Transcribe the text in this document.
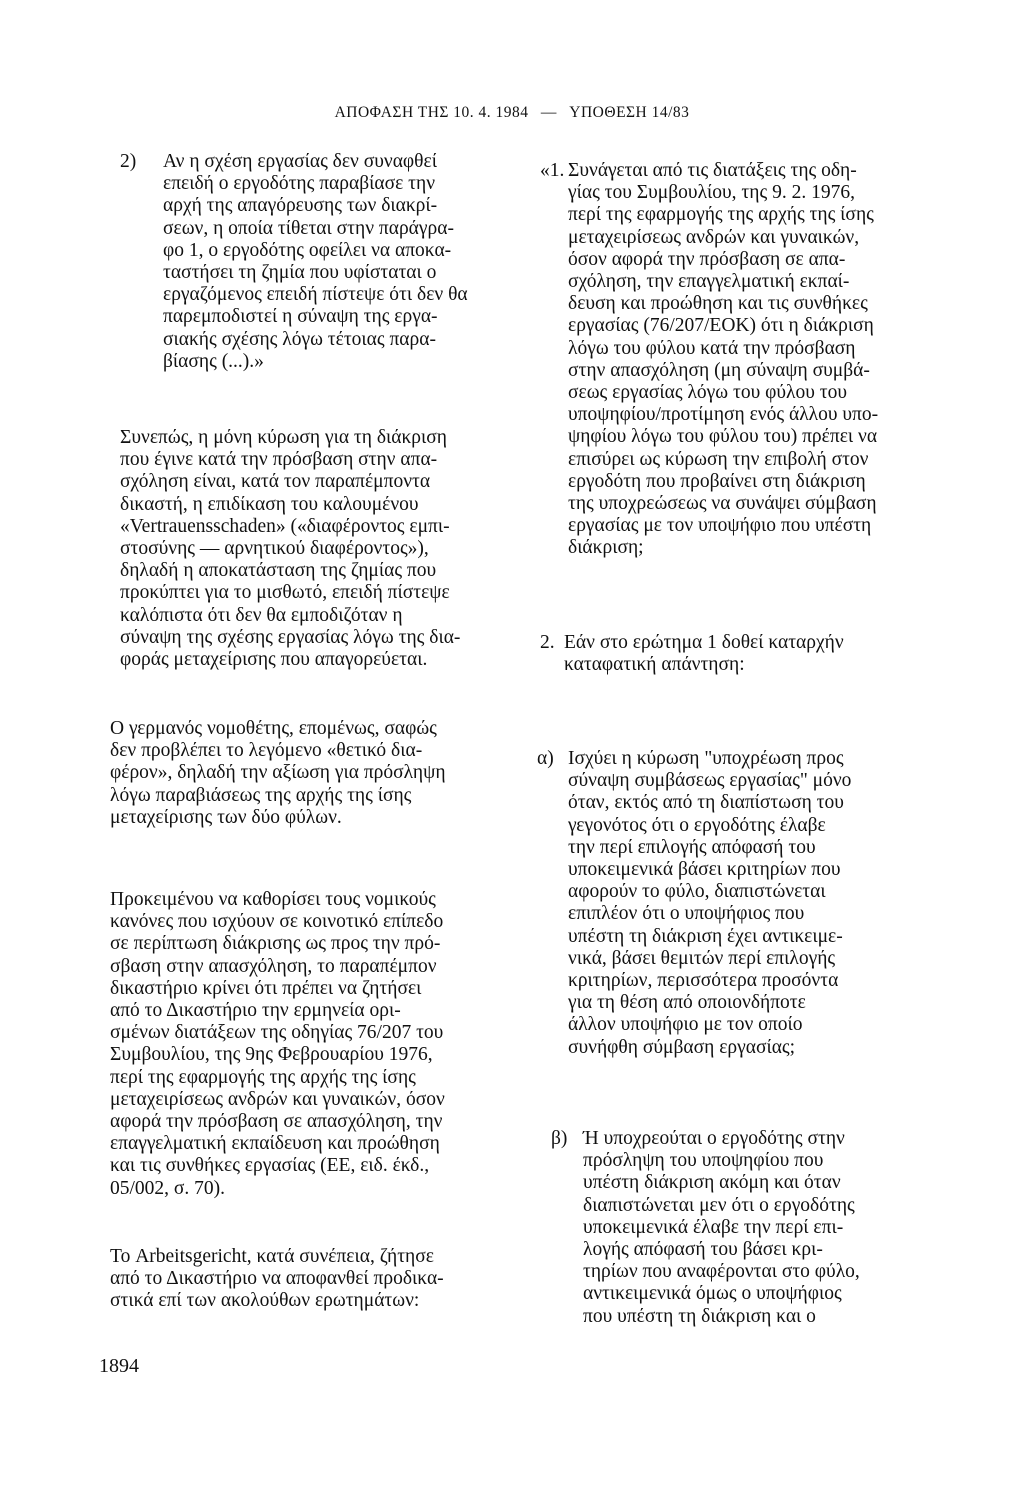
ΑΠΟΦΑΣΗ ΤΗΣ 10. 4. 1984 — ΥΠΟΘΕΣΗ 14/83
2) Αν η σχέση εργασίας δεν συναφθεί
επειδή ο εργοδότης παραβίασε την
αρχή της απαγόρευσης των διακρί-
σεων, η οποία τίθεται στην παράγρα-
φο 1, ο εργοδότης οφείλει να αποκα-
ταστήσει τη ζημία που υφίσταται ο
εργαζόμενος επειδή πίστεψε ότι δεν θα
παρεμποδιστεί η σύναψη της εργα-
σιακής σχέσης λόγω τέτοιας παρα-
βίασης (...).»
Συνεπώς, η μόνη κύρωση για τη διάκριση
που έγινε κατά την πρόσβαση στην απα-
σχόληση είναι, κατά τον παραπέμποντα
δικαστή, η επιδίκαση του καλουμένου
«Vertrauensschaden» («διαφέροντος εμπι-
στοσύνης — αρνητικού διαφέροντος»),
δηλαδή η αποκατάσταση της ζημίας που
προκύπτει για το μισθωτό, επειδή πίστεψε
καλόπιστα ότι δεν θα εμποδιζόταν η
σύναψη της σχέσης εργασίας λόγω της δια-
φοράς μεταχείρισης που απαγορεύεται.
Ο γερμανός νομοθέτης, επομένως, σαφώς
δεν προβλέπει το λεγόμενο «θετικό δια-
φέρον», δηλαδή την αξίωση για πρόσληψη
λόγω παραβιάσεως της αρχής της ίσης
μεταχείρισης των δύο φύλων.
Προκειμένου να καθορίσει τους νομικούς
κανόνες που ισχύουν σε κοινοτικό επίπεδο
σε περίπτωση διάκρισης ως προς την πρό-
σβαση στην απασχόληση, το παραπέμπον
δικαστήριο κρίνει ότι πρέπει να ζητήσει
από το Δικαστήριο την ερμηνεία ορι-
σμένων διατάξεων της οδηγίας 76/207 του
Συμβουλίου, της 9ης Φεβρουαρίου 1976,
περί της εφαρμογής της αρχής της ίσης
μεταχειρίσεως ανδρών και γυναικών, όσον
αφορά την πρόσβαση σε απασχόληση, την
επαγγελματική εκπαίδευση και προώθηση
και τις συνθήκες εργασίας (ΕΕ, ειδ. έκδ.,
05/002, σ. 70).
Το Arbeitsgericht, κατά συνέπεια, ζήτησε
από το Δικαστήριο να αποφανθεί προδικα-
στικά επί των ακολούθων ερωτημάτων:
«1. Συνάγεται από τις διατάξεις της οδη-
γίας του Συμβουλίου, της 9. 2. 1976,
περί της εφαρμογής της αρχής της ίσης
μεταχειρίσεως ανδρών και γυναικών,
όσον αφορά την πρόσβαση σε απα-
σχόληση, την επαγγελματική εκπαί-
δευση και προώθηση και τις συνθήκες
εργασίας (76/207/ΕΟΚ) ότι η διάκριση
λόγω του φύλου κατά την πρόσβαση
στην απασχόληση (μη σύναψη συμβά-
σεως εργασίας λόγω του φύλου του
υποψηφίου/προτίμηση ενός άλλου υπο-
ψηφίου λόγω του φύλου του) πρέπει να
επισύρει ως κύρωση την επιβολή στον
εργοδότη που προβαίνει στη διάκριση
της υποχρεώσεως να συνάψει σύμβαση
εργασίας με τον υποψήφιο που υπέστη
διάκριση;
2. Εάν στο ερώτημα 1 δοθεί καταρχήν
καταφατική απάντηση:
α) Ισχύει η κύρωση "υποχρέωση προς
σύναψη συμβάσεως εργασίας" μόνο
όταν, εκτός από τη διαπίστωση του
γεγονότος ότι ο εργοδότης έλαβε
την περί επιλογής απόφασή του
υποκειμενικά βάσει κριτηρίων που
αφορούν το φύλο, διαπιστώνεται
επιπλέον ότι ο υποψήφιος που
υπέστη τη διάκριση έχει αντικειμε-
νικά, βάσει θεμιτών περί επιλογής
κριτηρίων, περισσότερα προσόντα
για τη θέση από οποιονδήποτε
άλλον υποψήφιο με τον οποίο
συνήφθη σύμβαση εργασίας;
β) Ή υποχρεούται ο εργοδότης στην
πρόσληψη του υποψηφίου που
υπέστη διάκριση ακόμη και όταν
διαπιστώνεται μεν ότι ο εργοδότης
υποκειμενικά έλαβε την περί επι-
λογής απόφασή του βάσει κρι-
τηρίων που αναφέρονται στο φύλο,
αντικειμενικά όμως ο υποψήφιος
που υπέστη τη διάκριση και ο
1894
